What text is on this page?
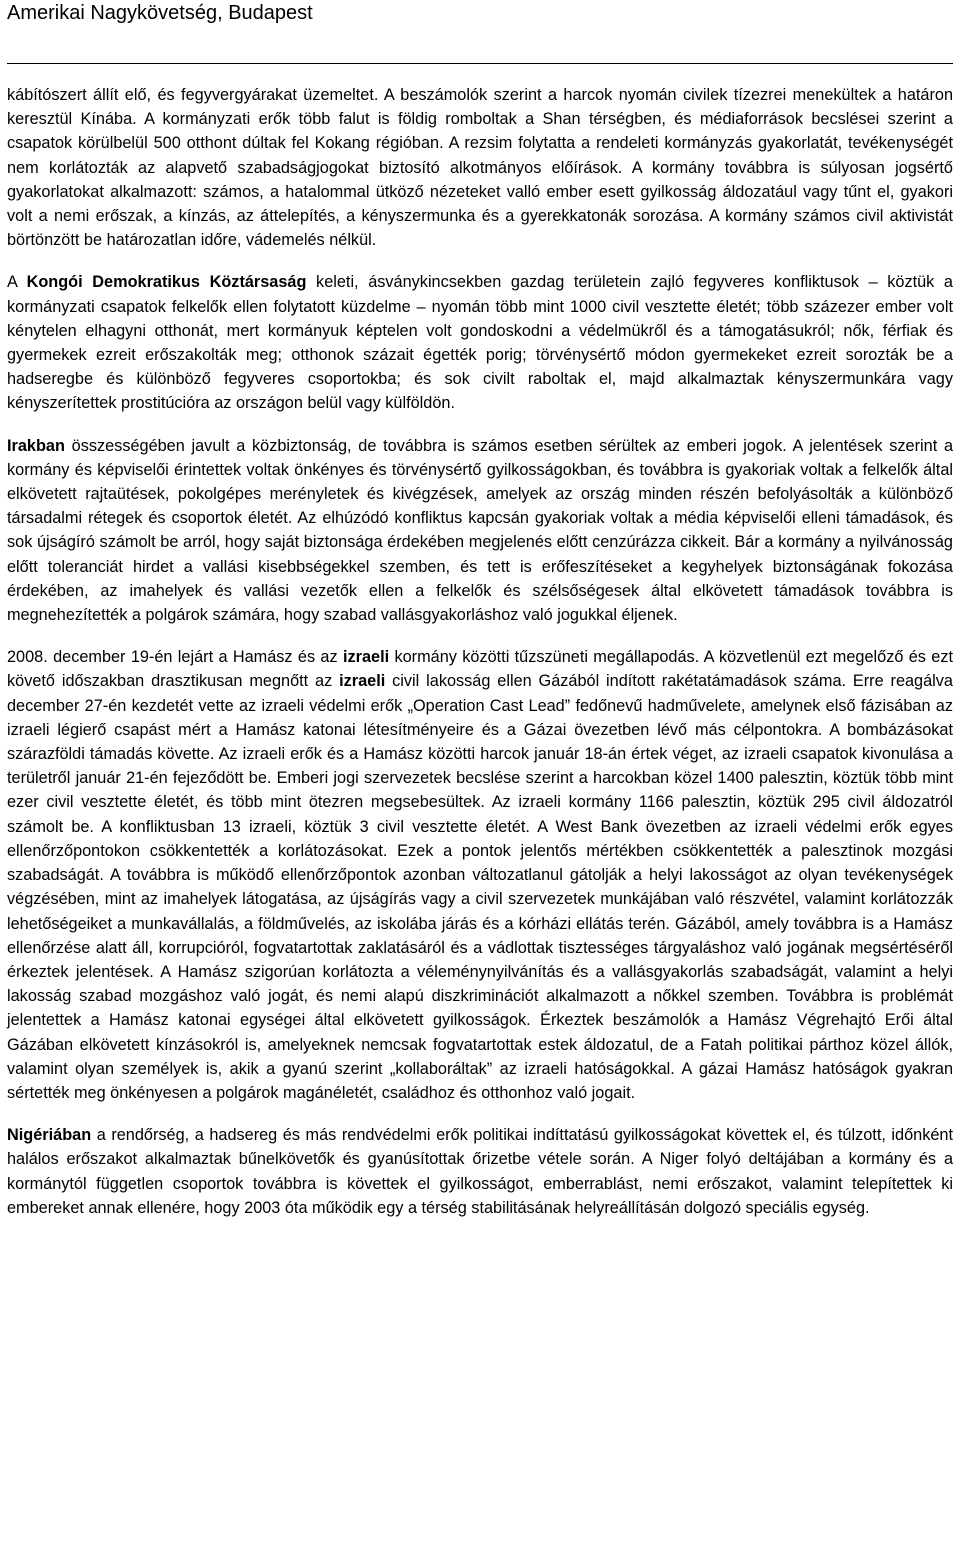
Amerikai Nagykövetség, Budapest

kábítószert állít elő, és fegyvergyárakat üzemeltet. A beszámolók szerint a harcok nyomán civilek tízezrei menekültek a határon keresztül Kínába. A kormányzati erők több falut is földig romboltak a Shan térségben, és médiaforrások becslései szerint a csapatok körülbelül 500 otthont dúltak fel Kokang régióban. A rezsim folytatta a rendeleti kormányzás gyakorlatát, tevékenységét nem korlátozták az alapvető szabadságjogokat biztosító alkotmányos előírások. A kormány továbbra is súlyosan jogsértő gyakorlatokat alkalmazott: számos, a hatalommal ütköző nézeteket valló ember esett gyilkosság áldozatául vagy tűnt el, gyakori volt a nemi erőszak, a kínzás, az áttelepítés, a kényszermunka és a gyerekkatonák sorozása. A kormány számos civil aktivistát börtönzött be határozatlan időre, vádemelés nélkül.

A Kongói Demokratikus Köztársaság keleti, ásványkincsekben gazdag területein zajló fegyveres konfliktusok – köztük a kormányzati csapatok felkelők ellen folytatott küzdelme – nyomán több mint 1000 civil vesztette életét; több százezer ember volt kénytelen elhagyni otthonát, mert kormányuk képtelen volt gondoskodni a védelmükről és a támogatásukról; nők, férfiak és gyermekek ezreit erőszakolták meg; otthonok százait égették porig; törvénysértő módon gyermekeket ezreit sorozták be a hadseregbe és különböző fegyveres csoportokba; és sok civilt raboltak el, majd alkalmaztak kényszermunkára vagy kényszerítettek prostitúcióra az országon belül vagy külföldön.

Irakban összességében javult a közbiztonság, de továbbra is számos esetben sérültek az emberi jogok. A jelentések szerint a kormány és képviselői érintettek voltak önkényes és törvénysértő gyilkosságokban, és továbbra is gyakoriak voltak a felkelők által elkövetett rajtaütések, pokolgépes merényletek és kivégzések, amelyek az ország minden részén befolyásolták a különböző társadalmi rétegek és csoportok életét. Az elhúzódó konfliktus kapcsán gyakoriak voltak a média képviselői elleni támadások, és sok újságíró számolt be arról, hogy saját biztonsága érdekében megjelenés előtt cenzúrázza cikkeit. Bár a kormány a nyilvánosság előtt toleranciát hirdet a vallási kisebbségekkel szemben, és tett is erőfeszítéseket a kegyhelyek biztonságának fokozása érdekében, az imahelyek és vallási vezetők ellen a felkelők és szélsőségesek által elkövetett támadások továbbra is megnehezítették a polgárok számára, hogy szabad vallásgyakorláshoz való jogukkal éljenek.

2008. december 19-én lejárt a Hamász és az izraeli kormány közötti tűzszüneti megállapodás. A közvetlenül ezt megelőző és ezt követő időszakban drasztikusan megnőtt az izraeli civil lakosság ellen Gázából indított rakétatámadások száma. Erre reagálva december 27-én kezdetét vette az izraeli védelmi erők „Operation Cast Lead” fedőnevű hadművelete, amelynek első fázisában az izraeli légierő csapást mért a Hamász katonai létesítményeire és a Gázai övezetben lévő más célpontokra. A bombázásokat szárazföldi támadás követte. Az izraeli erők és a Hamász közötti harcok január 18-án értek véget, az izraeli csapatok kivonulása a területről január 21-én fejeződött be. Emberi jogi szervezetek becslése szerint a harcokban közel 1400 palesztin, köztük több mint ezer civil vesztette életét, és több mint ötezren megsebesültek. Az izraeli kormány 1166 palesztin, köztük 295 civil áldozatról számolt be. A konfliktusban 13 izraeli, köztük 3 civil vesztette életét. A West Bank övezetben az izraeli védelmi erők egyes ellenőrzőpontokon csökkentették a korlátozásokat. Ezek a pontok jelentős mértékben csökkentették a palesztinok mozgási szabadságát. A továbbra is működő ellenőrzőpontok azonban változatlanul gátolják a helyi lakosságot az olyan tevékenységek végzésében, mint az imahelyek látogatása, az újságírás vagy a civil szervezetek munkájában való részvétel, valamint korlátozzák lehetőségeiket a munkavállalás, a földművelés, az iskolába járás és a kórházi ellátás terén. Gázából, amely továbbra is a Hamász ellenőrzése alatt áll, korrupcióról, fogvatartottak zaklatásáról és a vádlottak tisztességes tárgyaláshoz való jogának megsértéséről érkeztek jelentések. A Hamász szigorúan korlátozta a véleménynyilvánítás és a vallásgyakorlás szabadságát, valamint a helyi lakosság szabad mozgáshoz való jogát, és nemi alapú diszkriminációt alkalmazott a nőkkel szemben. Továbbra is problémát jelentettek a Hamász katonai egységei által elkövetett gyilkosságok. Érkeztek beszámolók a Hamász Végrehajtó Erői által Gázában elkövetett kínzásokról is, amelyeknek nemcsak fogvatartottak estek áldozatul, de a Fatah politikai párthoz közel állók, valamint olyan személyek is, akik a gyanú szerint „kollaboráltak” az izraeli hatóságokkal. A gázai Hamász hatóságok gyakran sértették meg önkényesen a polgárok magánéletét, családhoz és otthonhoz való jogait.

Nigériában a rendőrség, a hadsereg és más rendvédelmi erők politikai indíttatású gyilkosságokat követtek el, és túlzott, időnként halálos erőszakot alkalmaztak bűnelkövetők és gyanúsítottak őrizetbe vétele során. A Niger folyó deltájában a kormány és a kormánytól független csoportok továbbra is követtek el gyilkosságot, emberrablást, nemi erőszakot, valamint telepítettek ki embereket annak ellenére, hogy 2003 óta működik egy a térség stabilitásának helyreállításán dolgozó speciális egység.
